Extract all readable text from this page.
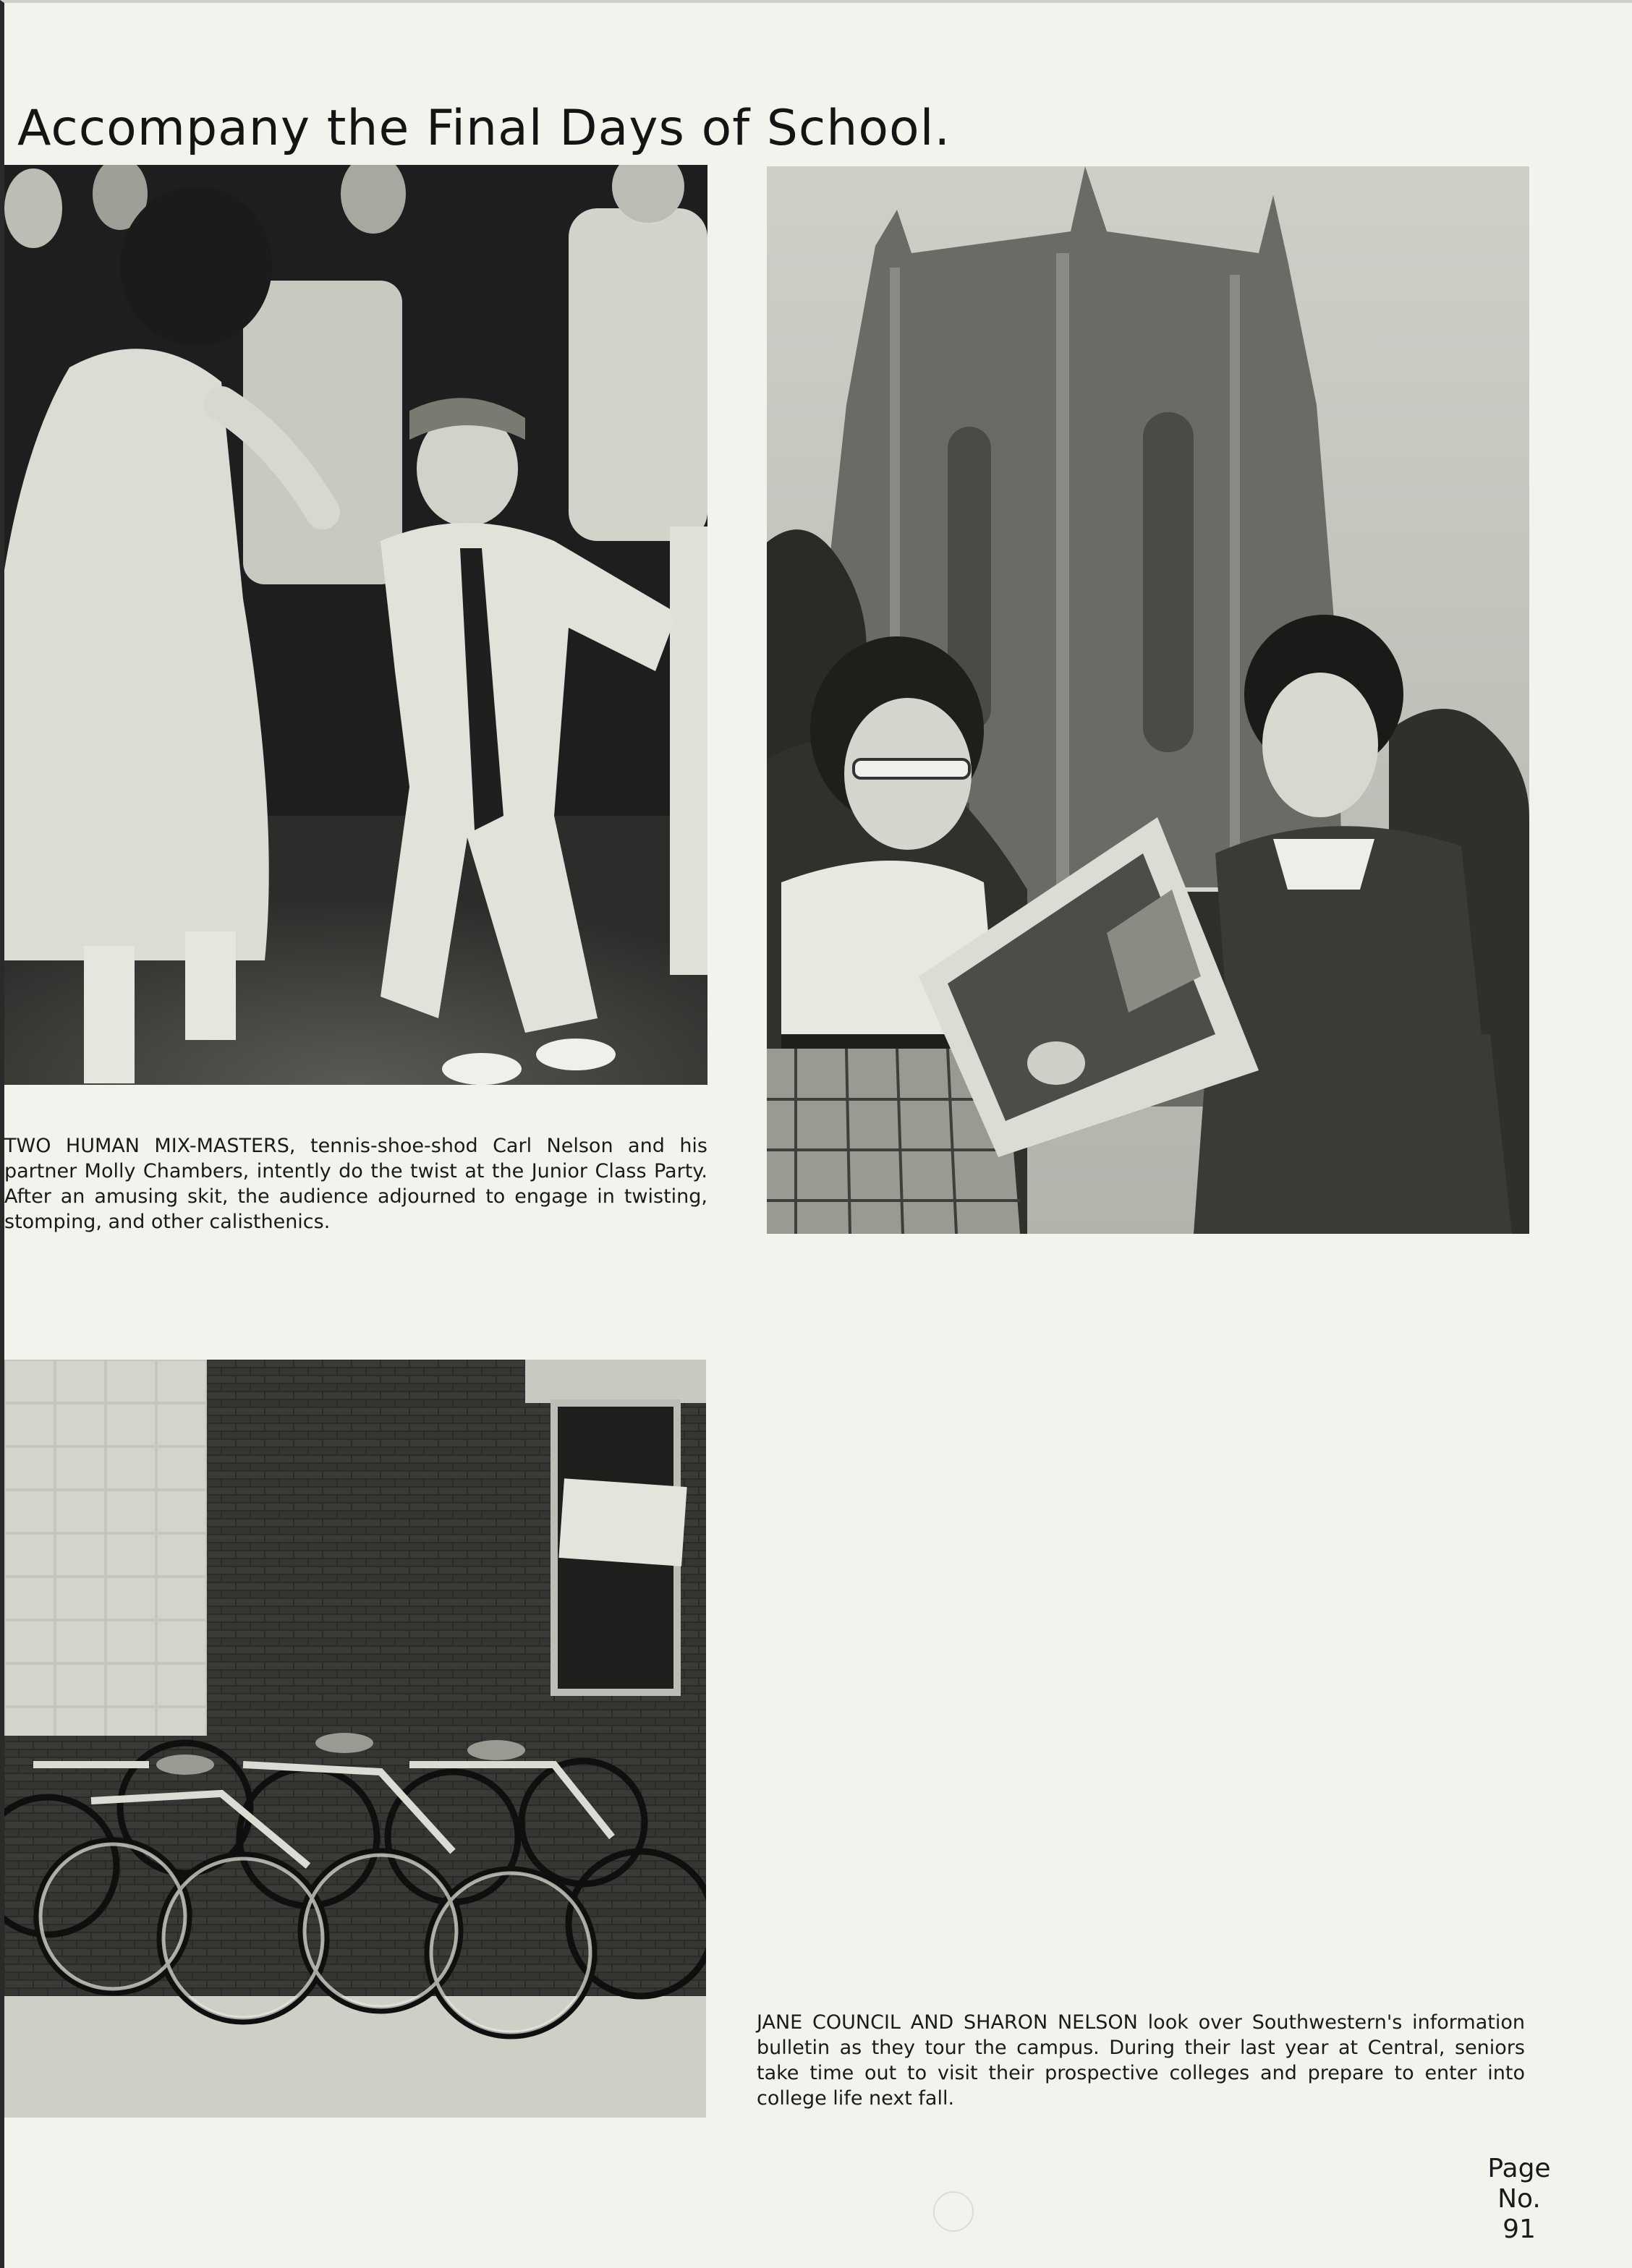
Accompany the Final Days of School.

TWO HUMAN MIX-MASTERS, tennis-shoe-shod Carl Nelson and his partner Molly Chambers, intently do the twist at the Junior Class Party. After an amusing skit, the audience adjourned to engage in twisting, stomping, and other calisthenics.

JANE COUNCIL AND SHARON NELSON look over Southwestern's information bulletin as they tour the campus. During their last year at Central, seniors take time out to visit their prospective colleges and prepare to enter into college life next fall.

Page
No.
91
